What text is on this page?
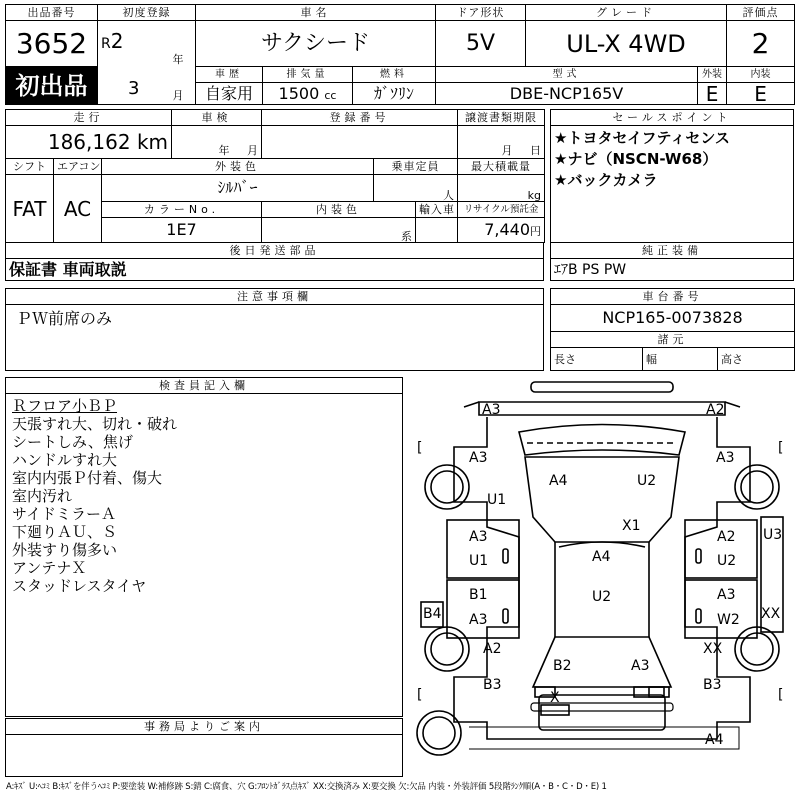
出品番号	初度登録		車名			ドア形状	グレード		評価点
3652	R2	年	サクシード			5V	UL-X 4WD		2
初出品	3	月	車歴	排気量	燃料	型式		外装	内装
			自家用	1500 cc	ｶﾞｿﾘﾝ	DBE-NCP165V		E	E
走行			車検	登録番号			譲渡書類期限
186,162 km			年 月				月 日
シフト	エアコン	外装色			乗車定員		最大積載量
FAT	AC	ｼﾙﾊﾞｰ			人		kg
		カラーNo.		内装色		輸入車	リサイクル預託金
		1E7		系			7,440円
セールスポイント

★トヨタセイフティセンス
★ナビ（NSCN-W68）
★バックカメラ
後日発送部品
保証書 車両取説
純正装備
ｴｱB PS PW
注意事項欄
ＰＷ前席のみ
車台番号
NCP165-0073828
諸元
長さ	幅	高さ
検査員記入欄
Ｒフロア小ＢＰ
天張すれ大、切れ・破れ
シートしみ、焦げ
ハンドルすれ大
室内内張Ｐ付着、傷大
室内汚れ
サイドミラーＡ
下廻りＡＵ、Ｓ
外装すり傷多い
アンテナＸ
スタッドレスタイヤ
事務局よりご案内
[
[
[
[
A3	A2
A3
A4	U2
A3
U1
X1
A3
U1
A2
U2
A4
U3
B1
A3
U2	A3
W2
B4	XX
A2	XX
B2	A3
B3
X
B3
A4
A:ｷｽﾞ U:ﾍｺﾐ B:ｷｽﾞを伴うﾍｺﾐ P:要塗装 W:補修跡 S:錆 C:腐食、穴 G:ﾌﾛﾝﾄｶﾞﾗｽ点ｷｽﾞ XX:交換済み X:要交換 欠:欠品 内装・外装評価 5段階ﾗﾝｸ順(A・B・C・D・E) 1
